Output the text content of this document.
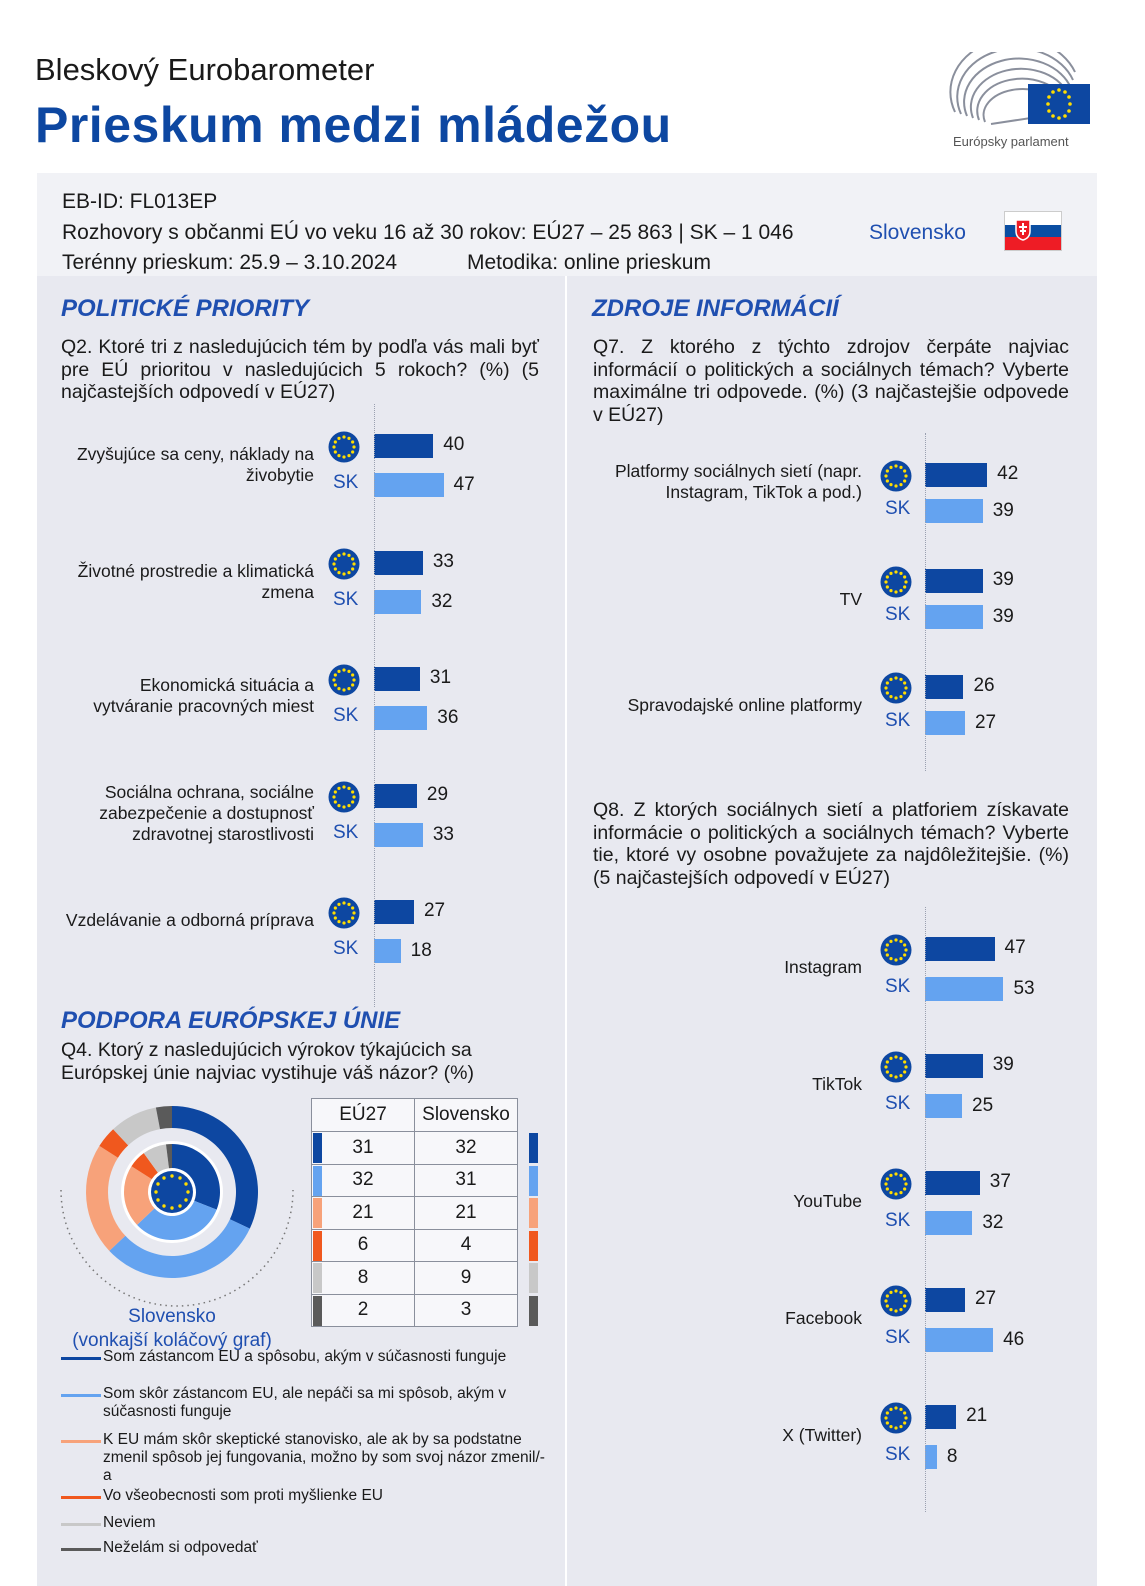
Bleskový Eurobarometer
Prieskum medzi mládežou	Európsky parlament
EB-ID: FL013EP
Rozhovory s občanmi EÚ vo veku 16 až 30 rokov: EÚ27 – 25 863 | SK – 1 046
Terénny prieskum: 25.9 – 3.10.2024	Metodika: online prieskum
Slovensko
POLITICKÉ PRIORITY
Q2. Ktoré tri z nasledujúcich tém by podľa vás mali byť pre EÚ prioritou v nasledujúcich 5 rokoch? (%) (5 najčastejších odpovedí v EÚ27)
Zvyšujúce sa ceny, náklady na živobytie SK
40
47
Životné prostredie a klimatická zmena SK
33
32
Ekonomická situácia a vytváranie pracovných miest SK
31
36
Sociálna ochrana, sociálne zabezpečenie a dostupnosť zdravotnej starostlivosti SK
29
33
Vzdelávanie a odborná príprava
SK
27
18
PODPORA EURÓPSKEJ ÚNIE
Q4. Ktorý z nasledujúcich výrokov týkajúcich sa Európskej únie najviac vystihuje váš názor? (%)
Slovensko
(vonkajší koláčový graf)
EÚ27	Slovensko
31	32
32	31
21	21
6	4
8	9
2	3
Som zástancom EU a spôsobu, akým v súčasnosti funguje
Som skôr zástancom EU, ale nepáči sa mi spôsob, akým v súčasnosti funguje
K EU mám skôr skeptické stanovisko, ale ak by sa podstatne zmenil spôsob jej fungovania, možno by som svoj názor zmenil/-a
Vo všeobecnosti som proti myšlienke EU
Neviem
Neželám si odpovedať
ZDROJE INFORMÁCIÍ
Q7. Z ktorého z týchto zdrojov čerpáte najviac informácií o politických a sociálnych témach? Vyberte maximálne tri odpovede. (%) (3 najčastejšie odpovede v EÚ27)
Platformy sociálnych sietí (napr. Instagram, TikTok a pod.)
SK
42
39
TV
SK
39
39
Spravodajské online platformy
SK
26
27
Q8. Z ktorých sociálnych sietí a platforiem získavate informácie o politických a sociálnych témach? Vyberte tie, ktoré vy osobne považujete za najdôležitejšie. (%) (5 najčastejších odpovedí v EÚ27)
Instagram
SK
47
53
TikTok
SK
39
25
YouTube
SK
37
32
Facebook
SK
27
46
X (Twitter)
SK
21
8
